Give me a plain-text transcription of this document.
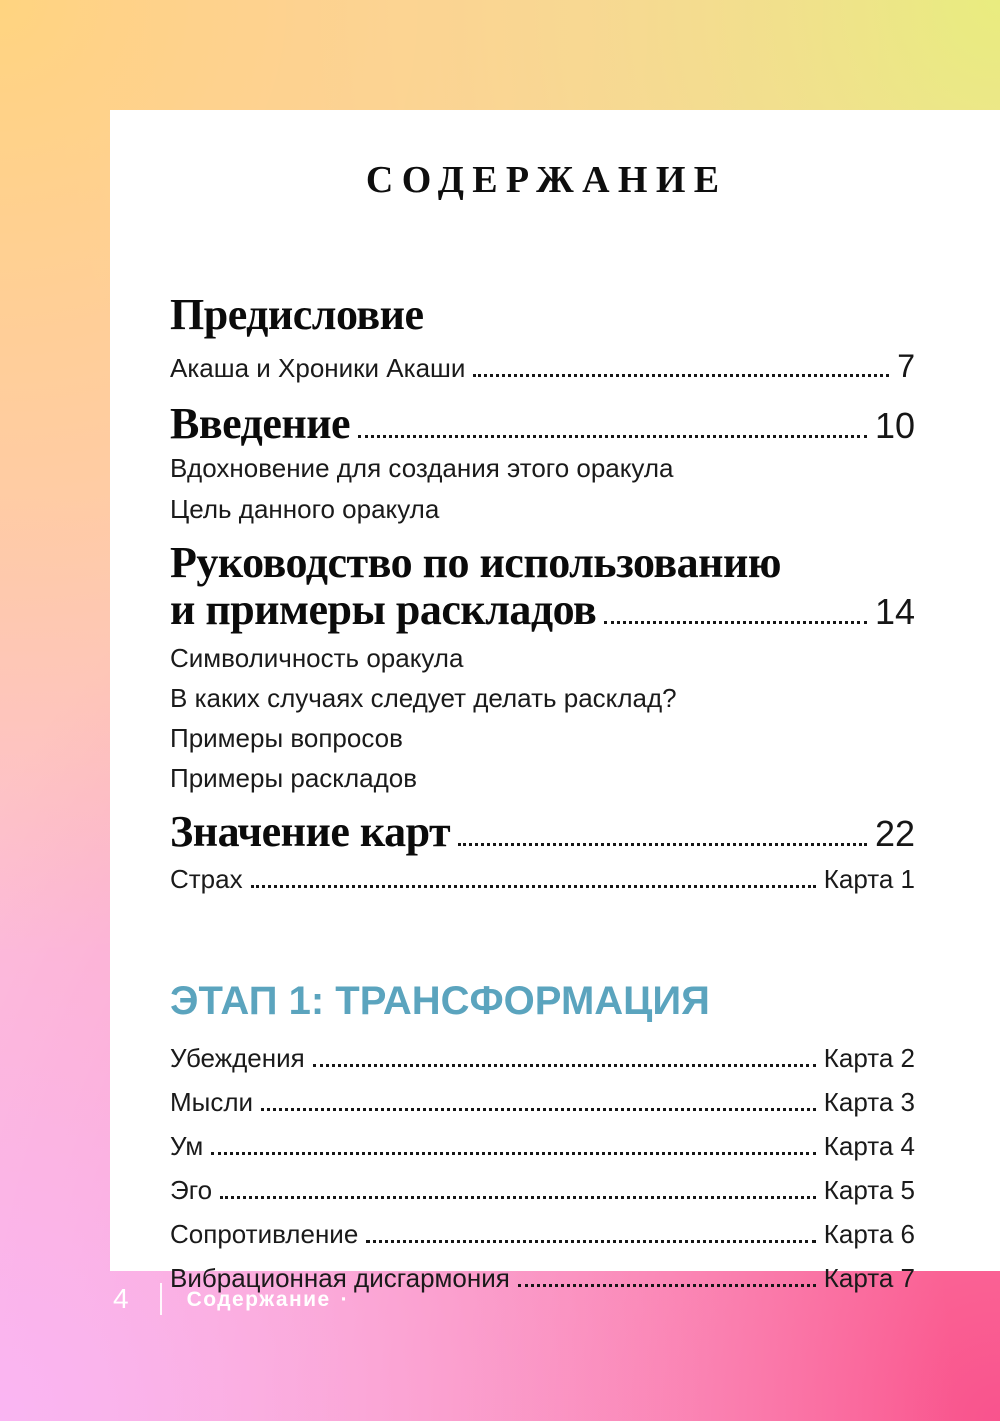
СОДЕРЖАНИЕ
Предисловие
Акаша и Хроники Акаши	7
Введение	10
Вдохновение для создания этого оракула
Цель данного оракула
Руководство по использованию
и примеры раскладов	14
Символичность оракула
В каких случаях следует делать расклад?
Примеры вопросов
Примеры раскладов
Значение карт	22
Страх	Карта 1
ЭТАП 1: ТРАНСФОРМАЦИЯ
Убеждения	Карта 2
Мысли	Карта 3
Ум	Карта 4
Эго	Карта 5
Сопротивление	Карта 6
Вибрационная дисгармония	Карта 7
4	Содержание ·
